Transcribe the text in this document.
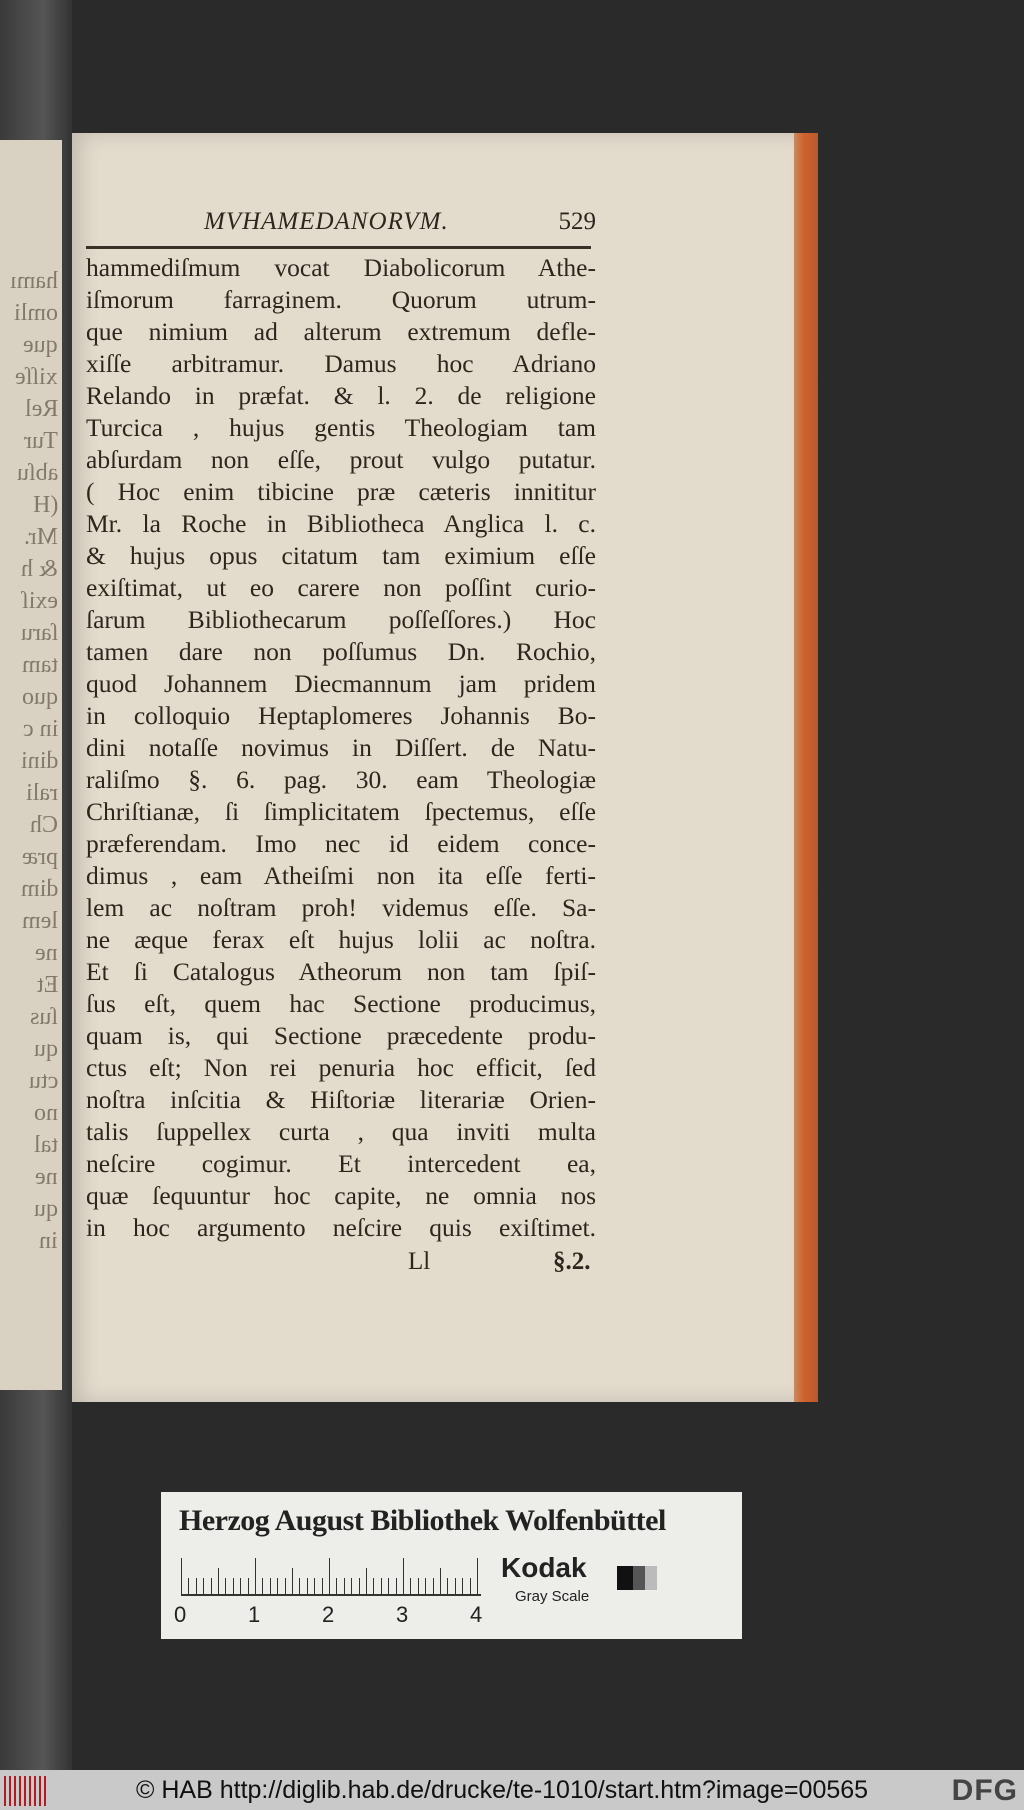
hamı
omli
que
xiſſe
Rel
Tur
abſu
(H
Mr.
& h
exiſ
ſaru
tam
quo
in c
dini
rali
Ch
præ
dim
lem
ne
Et
ſus
qu
ctu
no
tal
ne
qu
in
MVHAMEDANORVM.	529
hammediſmum vocat Diabolicorum Athe-
iſmorum farraginem. Quorum utrum-
que nimium ad alterum extremum defle-
xiſſe arbitramur. Damus hoc Adriano
Relando in præfat. & l. 2. de religione
Turcica , hujus gentis Theologiam tam
abſurdam non eſſe, prout vulgo putatur.
( Hoc enim tibicine præ cæteris innititur
Mr. la Roche in Bibliotheca Anglica l. c.
& hujus opus citatum tam eximium eſſe
exiſtimat, ut eo carere non poſſint curio-
ſarum Bibliothecarum poſſeſſores.) Hoc
tamen dare non poſſumus Dn. Rochio,
quod Johannem Diecmannum jam pridem
in colloquio Heptaplomeres Johannis Bo-
dini notaſſe novimus in Diſſert. de Natu-
raliſmo §. 6. pag. 30. eam Theologiæ
Chriſtianæ, ſi ſimplicitatem ſpectemus, eſſe
præferendam. Imo nec id eidem conce-
dimus , eam Atheiſmi non ita eſſe ferti-
lem ac noſtram proh! videmus eſſe. Sa-
ne æque ferax eſt hujus lolii ac noſtra.
Et ſi Catalogus Atheorum non tam ſpiſ-
ſus eſt, quem hac Sectione producimus,
quam is, qui Sectione præcedente produ-
ctus eſt; Non rei penuria hoc efficit, ſed
noſtra inſcitia & Hiſtoriæ literariæ Orien-
talis ſuppellex curta , qua inviti multa
neſcire cogimur. Et intercedent ea,
quæ ſequuntur hoc capite, ne omnia nos
in hoc argumento neſcire quis exiſtimet.
Ll	§.2.
Herzog August Bibliothek Wolfenbüttel
Kodak
Gray Scale
0	1	2	3	4
© HAB http://diglib.hab.de/drucke/te-1010/start.htm?image=00565	DFG
